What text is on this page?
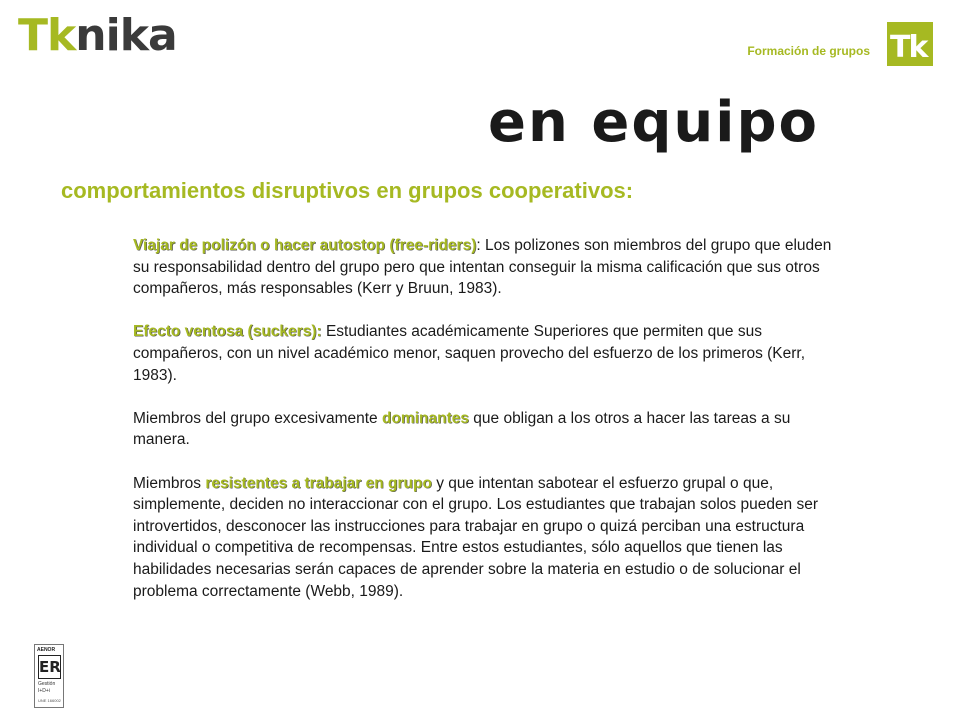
Tknika	Formación de grupos Tk
en equipo
comportamientos disruptivos en grupos cooperativos:

Viajar de polizón o hacer autostop (free-riders): Los polizones son miembros del grupo que eluden su responsabilidad dentro del grupo pero que intentan conseguir la misma calificación que sus otros compañeros, más responsables (Kerr y Bruun, 1983).

Efecto ventosa (suckers): Estudiantes académicamente Superiores que permiten que sus compañeros, con un nivel académico menor, saquen provecho del esfuerzo de los primeros (Kerr, 1983).

Miembros del grupo excesivamente dominantes que obligan a los otros a hacer las tareas a su manera.

Miembros resistentes a trabajar en grupo y que intentan sabotear el esfuerzo grupal o que, simplemente, deciden no interaccionar con el grupo. Los estudiantes que trabajan solos pueden ser introvertidos, desconocer las instrucciones para trabajar en grupo o quizá perciban una estructura individual o competitiva de recompensas. Entre estos estudiantes, sólo aquellos que tienen las habilidades necesarias serán capaces de aprender sobre la materia en estudio o de solucionar el problema correctamente (Webb, 1989).

AENOR
ER
Gestión
I+D+i
UNE 166002
